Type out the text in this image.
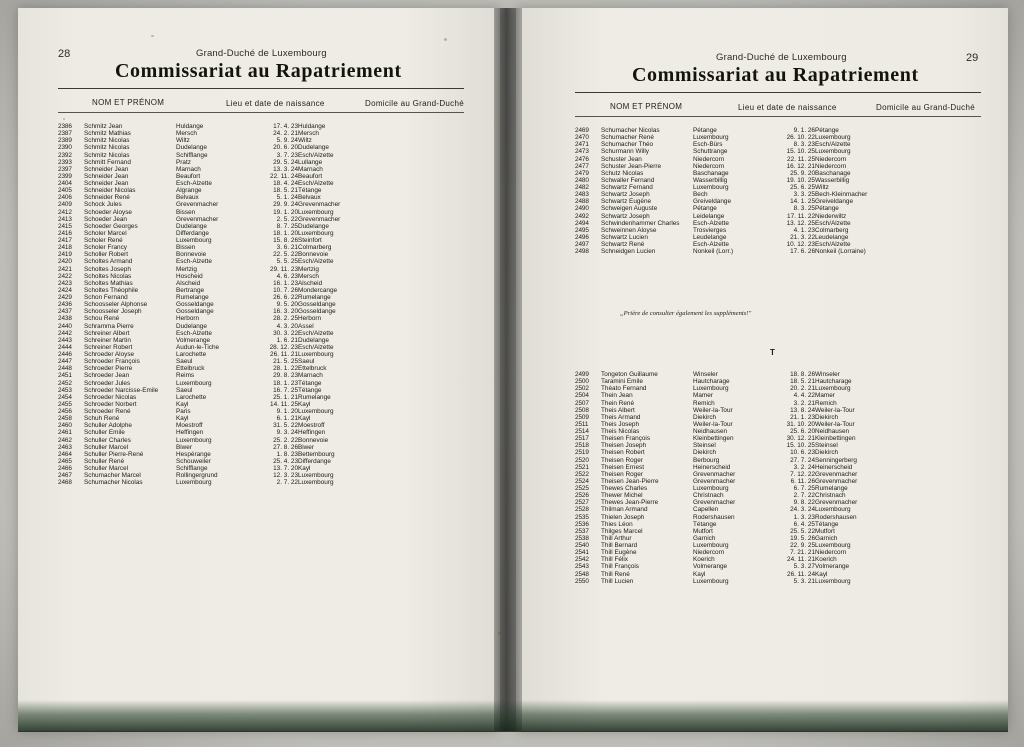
28	Grand-Duché de Luxembourg
Commissariat au Rapatriement
NOM ET PRÉNOM	Lieu et date de naissance	Domicile au Grand-Duché
2386	Schmitz Jean	Huldange	17. 4. 23	Huldange
2387	Schmitz Mathias	Mersch	24. 2. 21	Mersch
2389	Schmitz Nicolas	Wiltz	5. 9. 24	Wiltz
2390	Schmitz Nicolas	Dudelange	20. 6. 20	Dudelange
2392	Schmitz Nicolas	Schifflange	3. 7. 23	Esch/Alzette
2393	Schmitt Fernand	Pratz	29. 5. 24	Lullange
2397	Schneider Jean	Marnach	13. 3. 24	Marnach
2399	Schneider Jean	Beaufort	22. 11. 24	Beaufort
2404	Schneider Jean	Esch-Alzette	18. 4. 24	Esch/Alzette
2405	Schneider Nicolas	Algrange	18. 5. 21	Tétange
2406	Schneider René	Belvaux	5. 1. 24	Belvaux
2409	Schock Jules	Grevenmacher	29. 9. 24	Grevenmacher
2412	Schoeder Aloyse	Bissen	19. 1. 20	Luxembourg
2413	Schoeder Jean	Grevenmacher	2. 5. 22	Grevenmacher
2415	Schoeder Georges	Dudelange	8. 7. 25	Dudelange
2416	Scholer Marcel	Differdange	18. 1. 20	Luxembourg
2417	Scholer René	Luxembourg	15. 8. 26	Steinfort
2418	Scholer Francy	Bissen	3. 6. 21	Colmarberg
2419	Scholler Robert	Bonnevoie	22. 5. 22	Bonnevoie
2420	Scholtes Armand	Esch-Alzette	5. 5. 25	Esch/Alzette
2421	Scholtes Joseph	Mertzig	29. 11. 23	Mertzig
2422	Scholtes Nicolas	Hoscheid	4. 6. 23	Mersch
2423	Scholtes Mathias	Alscheid	16. 1. 23	Alscheid
2424	Scholtes Théophile	Bertrange	10. 7. 26	Mondercange
2429	Schon Fernand	Rumelange	26. 6. 22	Rumelange
2436	Schoosseler Alphonse	Gosseldange	9. 5. 20	Gosseldange
2437	Schoosseler Joseph	Gosseldange	16. 3. 20	Gosseldange
2438	Schou René	Herborn	28. 2. 25	Herborn
2440	Schramma Pierre	Dudelange	4. 3. 20	Assel
2442	Schreiner Albert	Esch-Alzette	30. 3. 22	Esch/Alzette
2443	Schreiner Martin	Volmerange	1. 6. 21	Dudelange
2444	Schreiner Robert	Audun-le-Tiche	28. 12. 23	Esch/Alzette
2446	Schroeder Aloyse	Larochette	26. 11. 21	Luxembourg
2447	Schroeder François	Saeul	21. 5. 25	Saeul
2448	Schroeder Pierre	Ettelbruck	28. 1. 22	Ettelbruck
2451	Schroeder Jean	Reims	29. 8. 23	Marnach
2452	Schroeder Jules	Luxembourg	18. 1. 23	Tétange
2453	Schroeder Narcisse-Emile	Saeul	16. 7. 25	Tétange
2454	Schroeder Nicolas	Larochette	25. 1. 21	Rumelange
2455	Schroeder Norbert	Kayl	14. 11. 25	Kayl
2456	Schroeder René	Paris	9. 1. 20	Luxembourg
2458	Schuh René	Kayl	6. 1. 21	Kayl
2460	Schuller Adolphe	Moestroff	31. 5. 22	Moestroff
2461	Schuller Emile	Heffingen	9. 3. 24	Heffingen
2462	Schuller Charles	Luxembourg	25. 2. 22	Bonnevoie
2463	Schuller Marcel	Biwer	27. 8. 26	Biwer
2464	Schuller Pierre-René	Hespérange	1. 8. 23	Bettembourg
2465	Schuller René	Schouweiler	25. 4. 23	Differdange
2466	Schuller Marcel	Schifflange	13. 7. 20	Kayl
2467	Schumacher Marcel	Rollingergrund	12. 3. 23	Luxembourg
2468	Schumacher Nicolas	Luxembourg	2. 7. 22	Luxembourg
29
Grand-Duché de Luxembourg
Commissariat au Rapatriement
NOM ET PRÉNOM	Lieu et date de naissance	Domicile au Grand-Duché
2469	Schumacher Nicolas	Pétange	9. 1. 26	Pétange
2470	Schumacher René	Luxembourg	26. 10. 22	Luxembourg
2471	Schumacher Théo	Esch-Bürs	8. 3. 23	Esch/Alzette
2473	Schurmann Willy	Schuttrange	15. 10. 25	Luxembourg
2476	Schuster Jean	Niedercorn	22. 11. 25	Niedercorn
2477	Schuster Jean-Pierre	Niedercorn	16. 12. 21	Niedercorn
2479	Schutz Nicolas	Baschanage	25. 9. 20	Baschanage
2480	Schwaller Fernand	Wasserbillig	19. 10. 25	Wasserbillig
2482	Schwartz Fernand	Luxembourg	25. 6. 25	Wiltz
2483	Schwartz Joseph	Bech	3. 3. 25	Bech-Kleinmacher
2488	Schwartz Eugène	Greiveldange	14. 1. 25	Greiveldange
2490	Schweigen Auguste	Pétange	8. 3. 25	Pétange
2492	Schwartz Joseph	Leidelange	17. 11. 22	Niederwiltz
2494	Schwindenhammer Charles	Esch-Alzette	13. 12. 25	Esch/Alzette
2495	Schweinnen Aloyse	Trosvierges	4. 1. 23	Colmarberg
2496	Schwartz Lucien	Leudelange	21. 3. 22	Leudelange
2497	Schwartz René	Esch-Alzette	10. 12. 23	Esch/Alzette
2498	Schneidgen Lucien	Nonkeil (Lorr.)	17. 6. 26	Nonkeil (Lorraine)
„Prière de consulter également les suppléments!"
T
2499	Tongeton Guillaume	Winseler	18. 8. 26	Winseler
2500	Taramini Emile	Hautcharage	18. 5. 21	Hautcharage
2502	Théato Fernand	Luxembourg	20. 2. 21	Luxembourg
2504	Thein Jean	Mamer	4. 4. 22	Mamer
2507	Thein René	Remich	3. 2. 21	Remich
2508	Theis Albert	Weiler-la-Tour	13. 8. 24	Weiler-la-Tour
2509	Theis Armand	Diekirch	21. 1. 23	Diekirch
2511	Theis Joseph	Weiler-la-Tour	31. 10. 20	Weiler-la-Tour
2514	Theis Nicolas	Neidhausen	25. 6. 20	Neidhausen
2517	Theisen François	Kleinbettingen	30. 12. 21	Kleinbettingen
2518	Theisen Joseph	Steinsel	15. 10. 25	Steinsel
2519	Theisen Robert	Diekirch	10. 6. 23	Diekirch
2520	Theisen Roger	Berbourg	27. 7. 24	Senningerberg
2521	Theisen Ernest	Heinerscheid	3. 2. 24	Heinerscheid
2522	Theisen Roger	Grevenmacher	7. 12. 22	Grevenmacher
2524	Theisen Jean-Pierre	Grevenmacher	6. 11. 26	Grevenmacher
2525	Thewes Charles	Luxembourg	6. 7. 25	Rumelange
2526	Thewer Michel	Christnach	2. 7. 22	Christnach
2527	Thewes Jean-Pierre	Grevenmacher	9. 8. 22	Grevenmacher
2528	Thilman Armand	Capellen	24. 3. 24	Luxembourg
2535	Thielen Joseph	Rodershausen	1. 3. 23	Rodershausen
2536	Thies Léon	Tétange	6. 4. 25	Tétange
2537	Thilges Marcel	Mutfort	25. 5. 22	Mutfort
2538	Thill Arthur	Garnich	19. 5. 26	Garnich
2540	Thill Bernard	Luxembourg	22. 9. 25	Luxembourg
2541	Thill Eugène	Niedercorn	7. 21. 21	Niedercorn
2542	Thill Félix	Koerich	24. 11. 21	Koerich
2543	Thill François	Volmerange	5. 3. 27	Volmerange
2548	Thill René	Kayl	26. 11. 24	Kayl
2550	Thill Lucien	Luxembourg	5. 3. 21	Luxembourg
